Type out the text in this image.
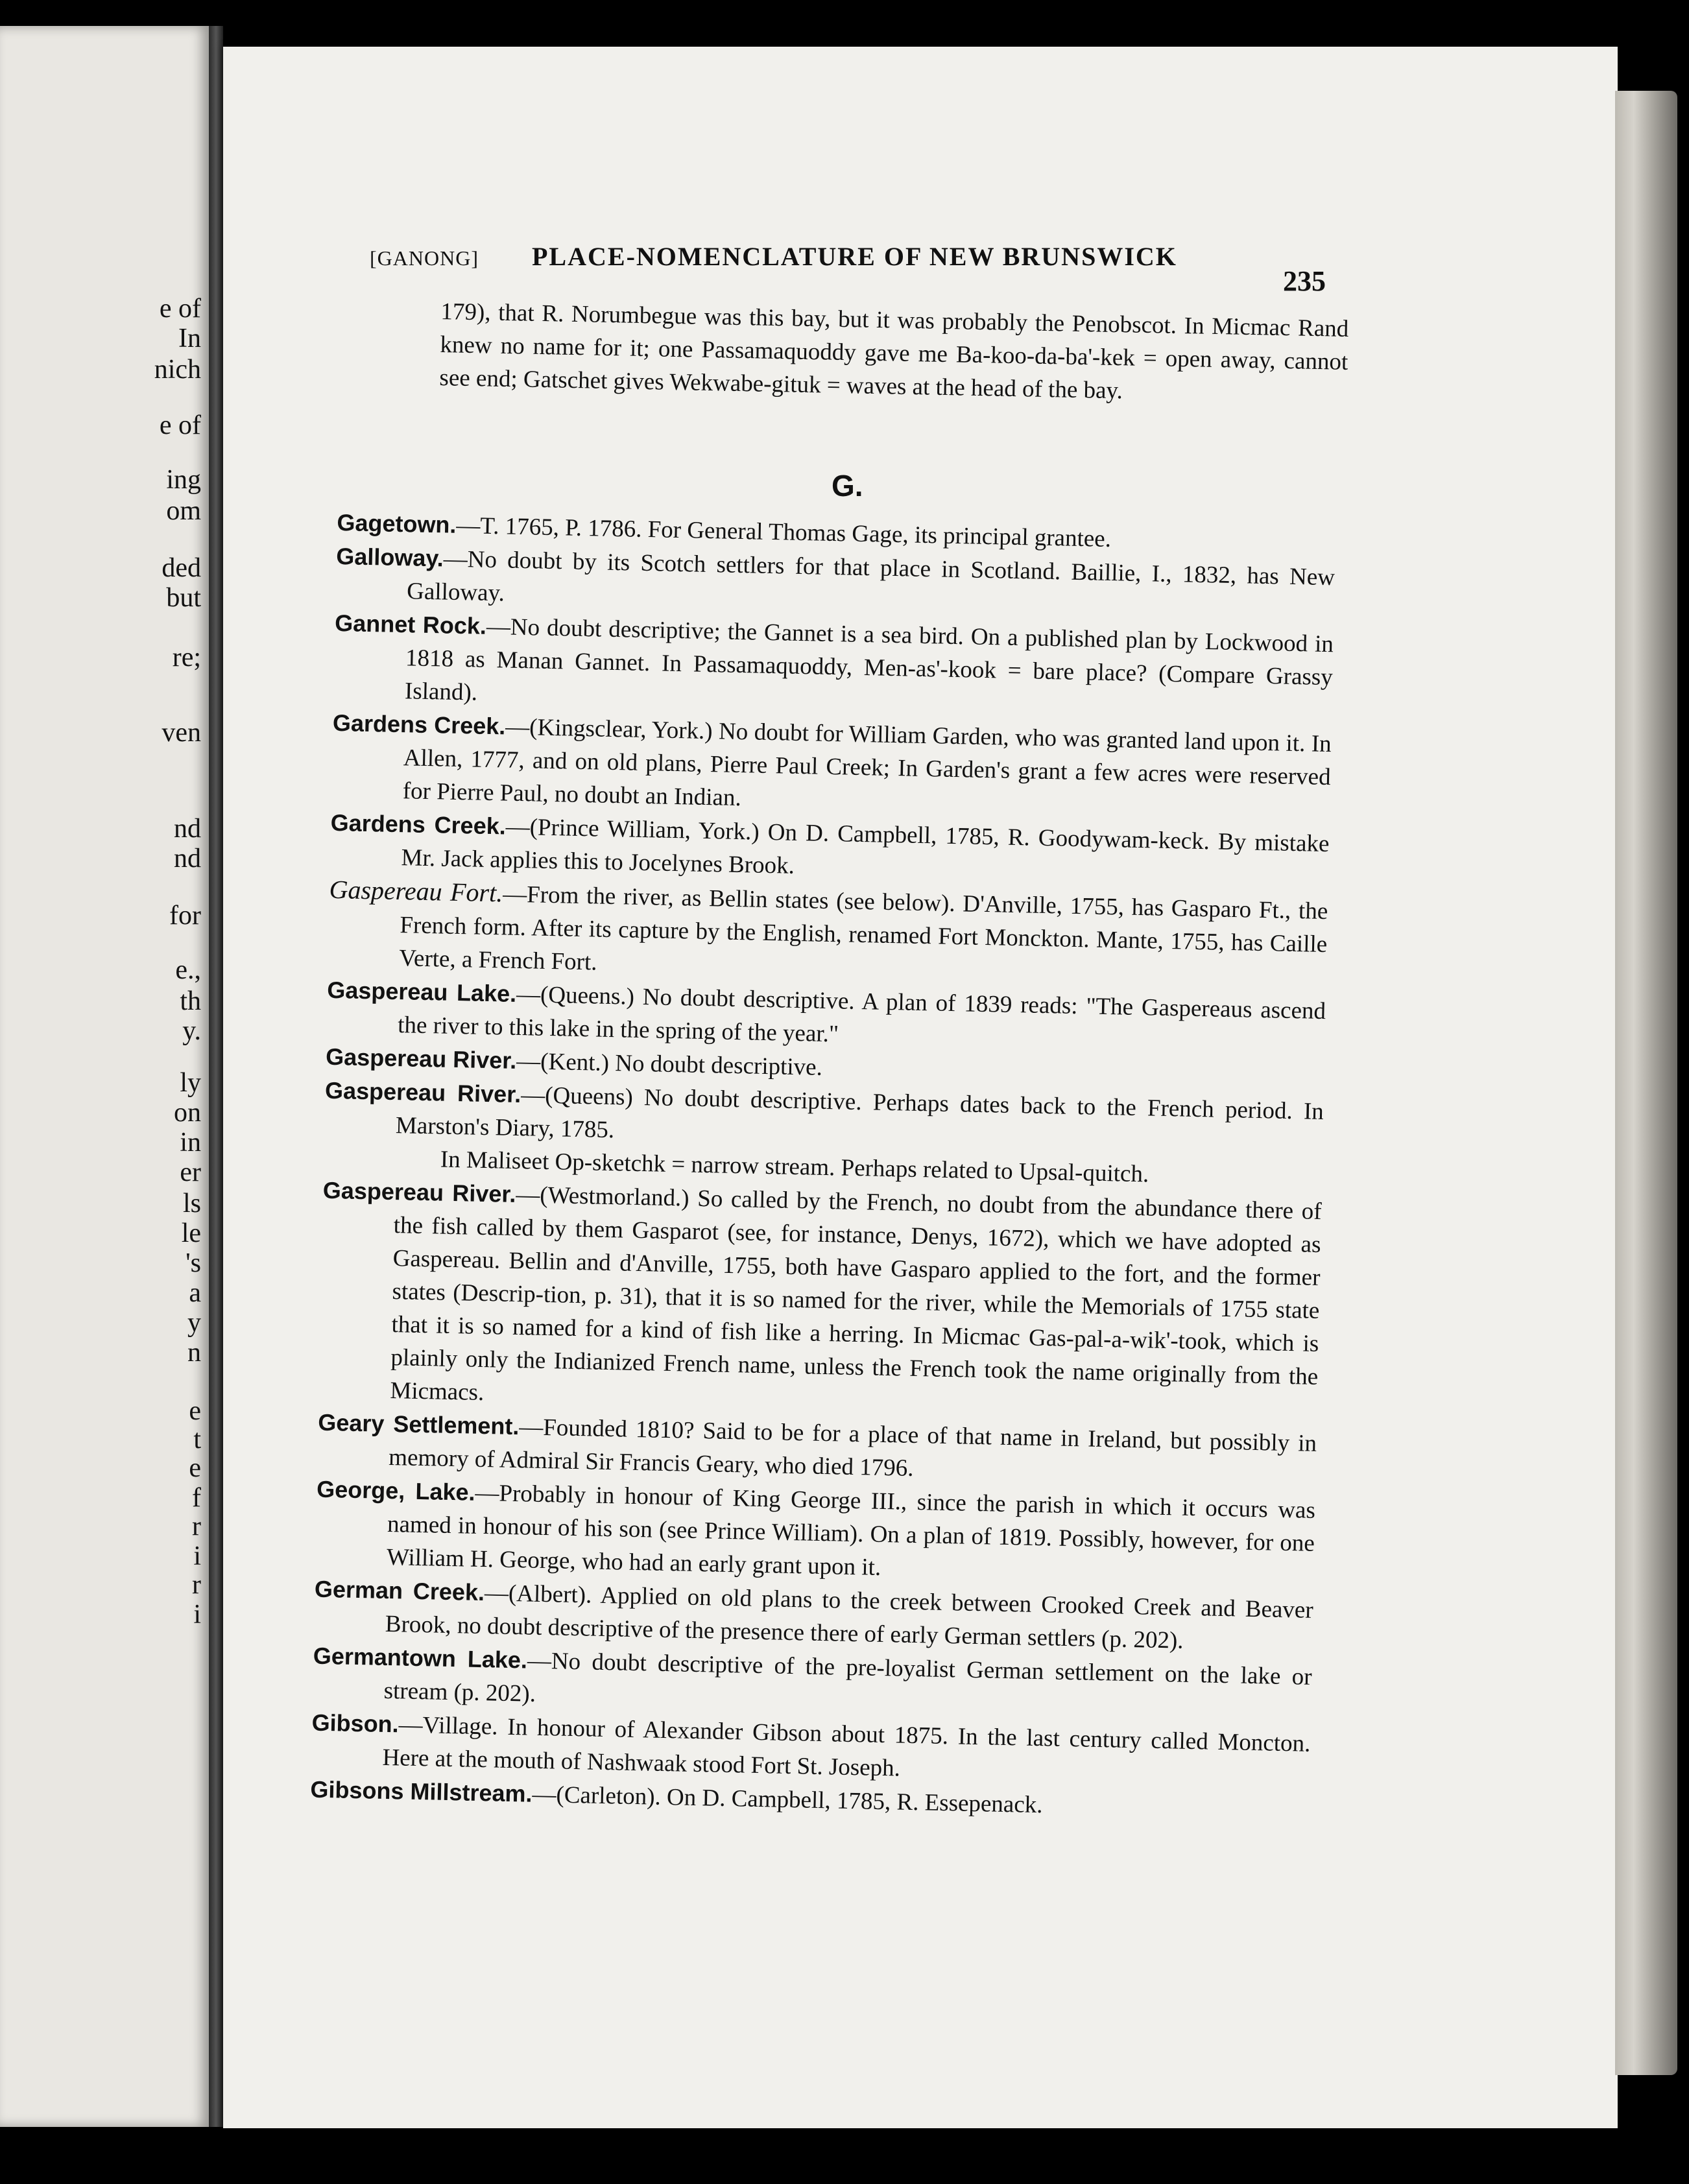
e of
In
nich
e of
ing
om
ded
but
re;
ven
nd
nd
for
e.,
th
y.
ly
on
in
er
ls
le
's
a
y
n
e
t
e
f
r
i
r
i
[GANONG] PLACE-NOMENCLATURE OF NEW BRUNSWICK
235

179), that R. Norumbegue was this bay, but it was probably the Penobscot. In Micmac Rand knew no name for it; one Passamaquoddy gave me Ba-koo-da-ba'-kek = open away, cannot see end; Gatschet gives Wekwabe-gituk = waves at the head of the bay.

G.

Gagetown.—T. 1765, P. 1786. For General Thomas Gage, its principal grantee.

Galloway.—No doubt by its Scotch settlers for that place in Scotland. Baillie, I., 1832, has New Galloway.

Gannet Rock.—No doubt descriptive; the Gannet is a sea bird. On a published plan by Lockwood in 1818 as Manan Gannet. In Passamaquoddy, Men-as'-kook = bare place? (Compare Grassy Island).

Gardens Creek.—(Kingsclear, York.) No doubt for William Garden, who was granted land upon it. In Allen, 1777, and on old plans, Pierre Paul Creek; In Garden's grant a few acres were reserved for Pierre Paul, no doubt an Indian.

Gardens Creek.—(Prince William, York.) On D. Campbell, 1785, R. Goodywam-keck. By mistake Mr. Jack applies this to Jocelynes Brook.

Gaspereau Fort.—From the river, as Bellin states (see below). D'Anville, 1755, has Gasparo Ft., the French form. After its capture by the English, renamed Fort Monckton. Mante, 1755, has Caille Verte, a French Fort.

Gaspereau Lake.—(Queens.) No doubt descriptive. A plan of 1839 reads: "The Gaspereaus ascend the river to this lake in the spring of the year."

Gaspereau River.—(Kent.) No doubt descriptive.

Gaspereau River.—(Queens) No doubt descriptive. Perhaps dates back to the French period. In Marston's Diary, 1785.
In Maliseet Op-sketchk = narrow stream. Perhaps related to Upsal-quitch.

Gaspereau River.—(Westmorland.) So called by the French, no doubt from the abundance there of the fish called by them Gasparot (see, for instance, Denys, 1672), which we have adopted as Gaspereau. Bellin and d'Anville, 1755, both have Gasparo applied to the fort, and the former states (Descrip-tion, p. 31), that it is so named for the river, while the Memorials of 1755 state that it is so named for a kind of fish like a herring. In Micmac Gas-pal-a-wik'-took, which is plainly only the Indianized French name, unless the French took the name originally from the Micmacs.

Geary Settlement.—Founded 1810? Said to be for a place of that name in Ireland, but possibly in memory of Admiral Sir Francis Geary, who died 1796.

George, Lake.—Probably in honour of King George III., since the parish in which it occurs was named in honour of his son (see Prince William). On a plan of 1819. Possibly, however, for one William H. George, who had an early grant upon it.

German Creek.—(Albert). Applied on old plans to the creek between Crooked Creek and Beaver Brook, no doubt descriptive of the presence there of early German settlers (p. 202).

Germantown Lake.—No doubt descriptive of the pre-loyalist German settlement on the lake or stream (p. 202).

Gibson.—Village. In honour of Alexander Gibson about 1875. In the last century called Moncton. Here at the mouth of Nashwaak stood Fort St. Joseph.

Gibsons Millstream.—(Carleton). On D. Campbell, 1785, R. Essepenack.
